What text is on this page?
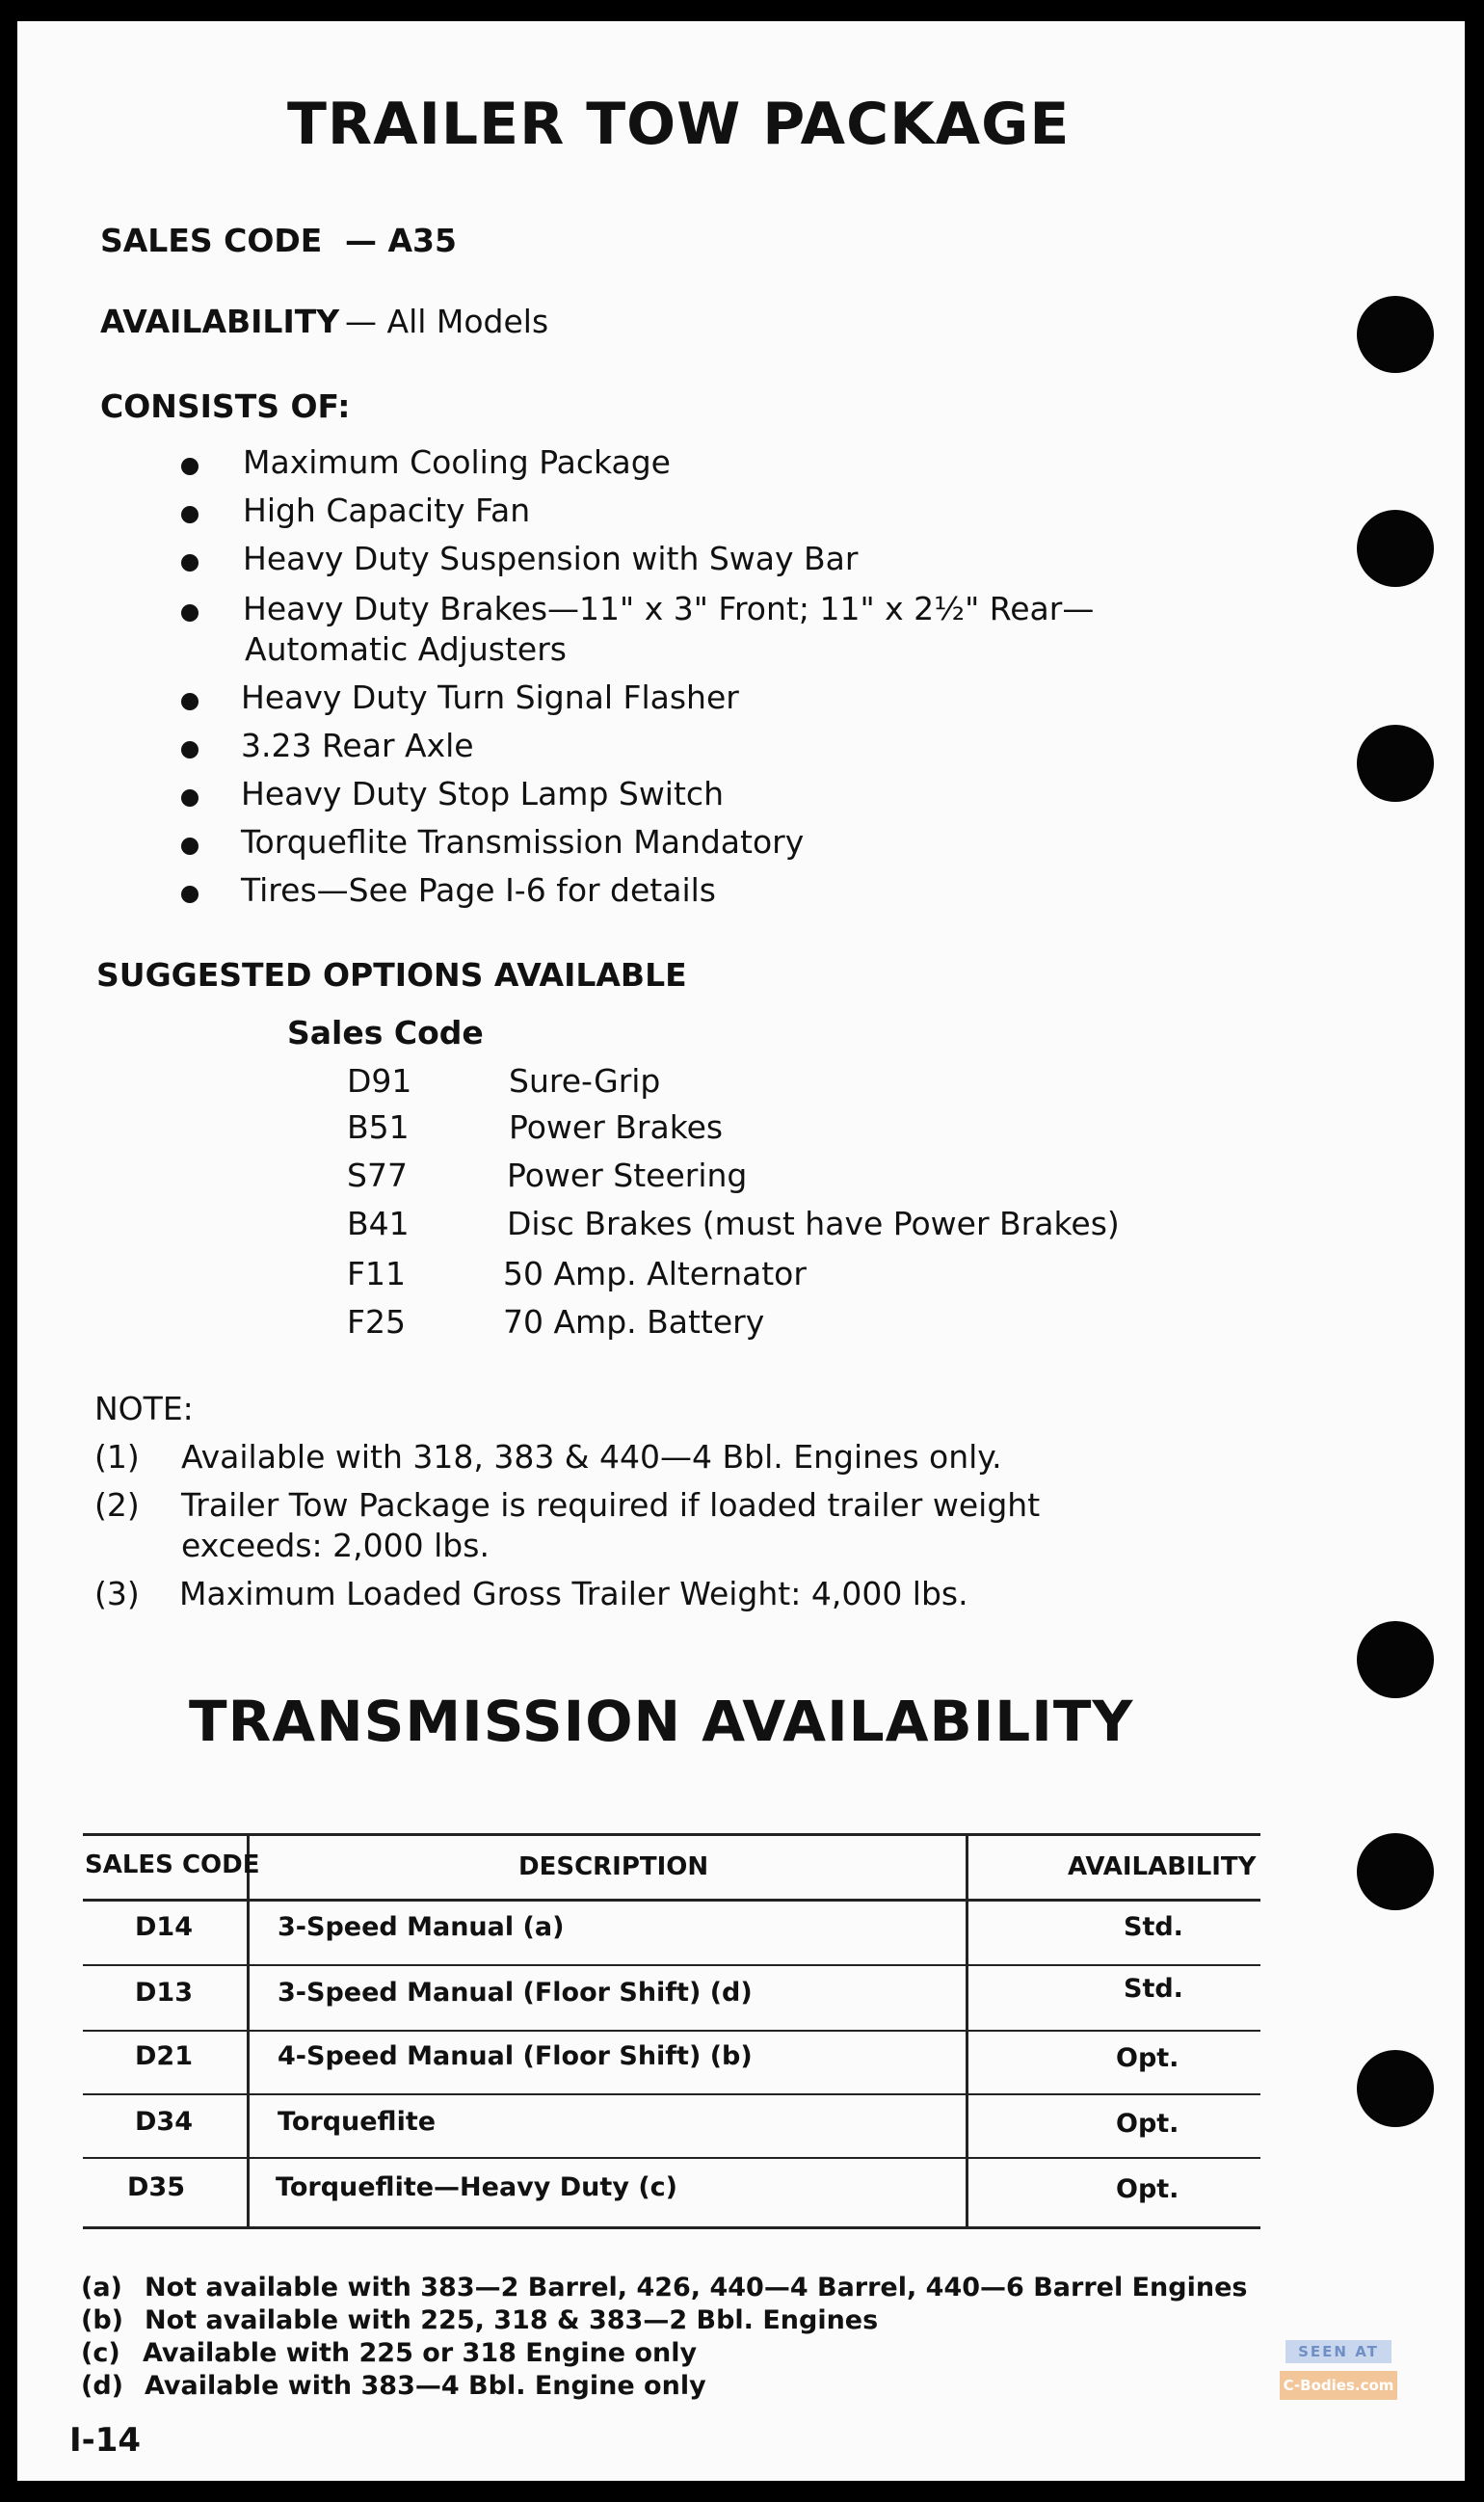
TRAILER TOW PACKAGE
SALES CODE — A35
AVAILABILITY — All Models
CONSISTS OF:
Maximum Cooling Package
High Capacity Fan
Heavy Duty Suspension with Sway Bar
Heavy Duty Brakes—11" x 3" Front; 11" x 2½" Rear—
Automatic Adjusters
Heavy Duty Turn Signal Flasher
3.23 Rear Axle
Heavy Duty Stop Lamp Switch
Torqueflite Transmission Mandatory
Tires—See Page I-6 for details
SUGGESTED OPTIONS AVAILABLE
Sales Code
D91	Sure-Grip
B51	Power Brakes
S77	Power Steering
B41	Disc Brakes (must have Power Brakes)
F11	50 Amp. Alternator
F25	70 Amp. Battery
NOTE:
(1) Available with 318, 383 & 440—4 Bbl. Engines only.
(2) Trailer Tow Package is required if loaded trailer weight
exceeds: 2,000 lbs.
(3) Maximum Loaded Gross Trailer Weight: 4,000 lbs.
TRANSMISSION AVAILABILITY
SALES CODE	DESCRIPTION	AVAILABILITY
D14	3-Speed Manual (a)	Std.
D13	3-Speed Manual (Floor Shift) (d)	Std.
D21	4-Speed Manual (Floor Shift) (b)	Opt.
D34	Torqueflite	Opt.
D35	Torqueflite—Heavy Duty (c)	Opt.
(a) Not available with 383—2 Barrel, 426, 440—4 Barrel, 440—6 Barrel Engines
(b) Not available with 225, 318 & 383—2 Bbl. Engines
(c) Available with 225 or 318 Engine only
(d) Available with 383—4 Bbl. Engine only
I-14
SEEN AT
C-Bodies.com
